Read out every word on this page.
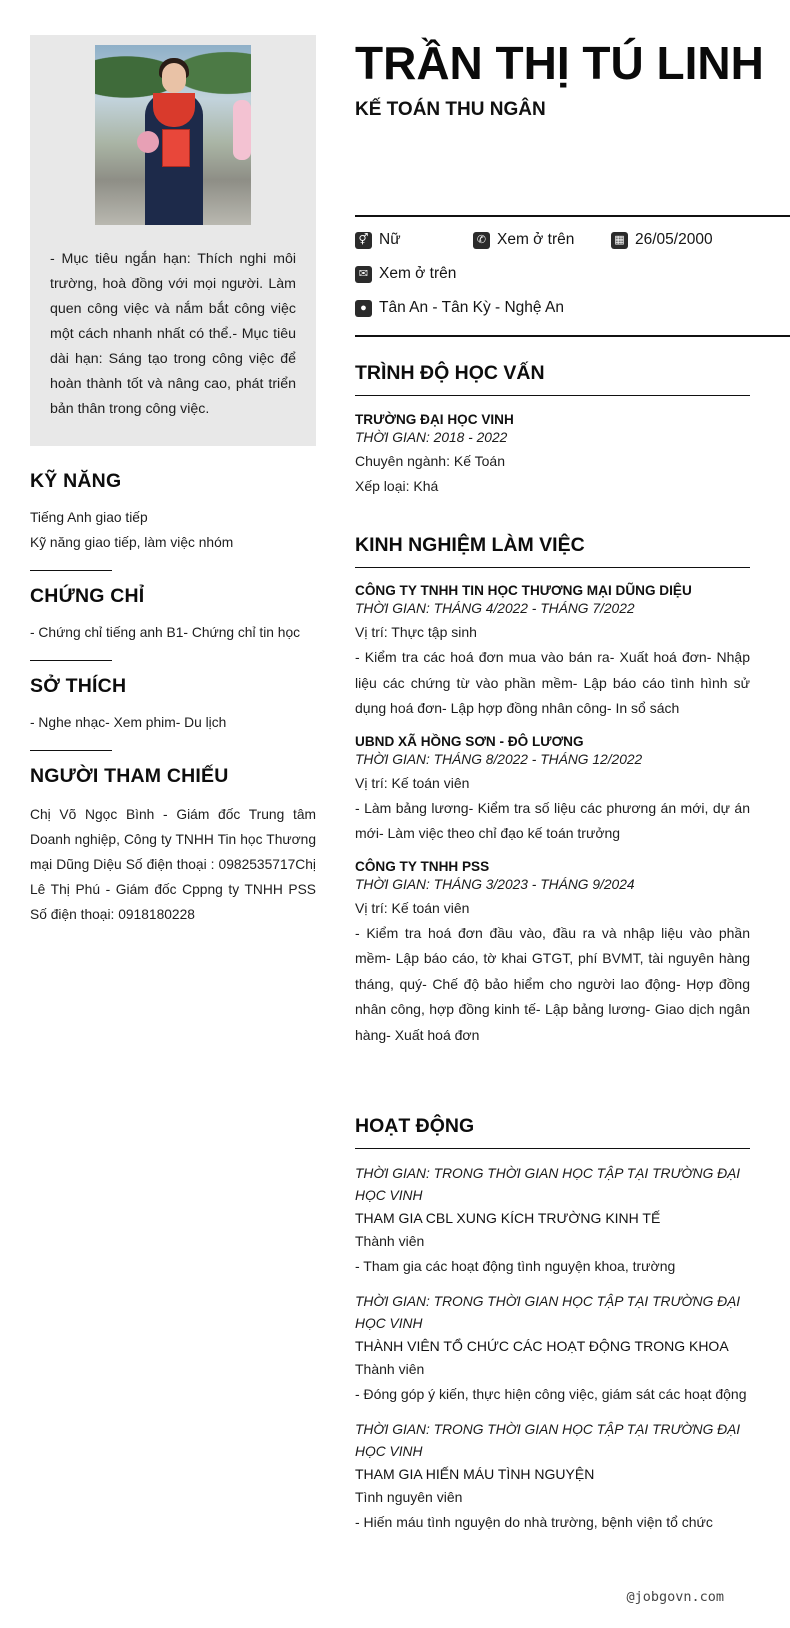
- Mục tiêu ngắn hạn: Thích nghi môi trường, hoà đồng với mọi người. Làm quen công việc và nắm bắt công việc một cách nhanh nhất có thể.- Mục tiêu dài hạn: Sáng tạo trong công việc để hoàn thành tốt và nâng cao, phát triển bản thân trong công việc.
KỸ NĂNG
Tiếng Anh giao tiếp
Kỹ năng giao tiếp, làm việc nhóm
CHỨNG CHỈ
- Chứng chỉ tiếng anh B1- Chứng chỉ tin học
SỞ THÍCH
- Nghe nhạc- Xem phim- Du lịch
NGƯỜI THAM CHIẾU
Chị Võ Ngọc Bình - Giám đốc Trung tâm Doanh nghiệp, Công ty TNHH Tin học Thương mại Dũng Diệu Số điện thoại : 0982535717Chị Lê Thị Phú - Giám đốc Cppng ty TNHH PSS Số điện thoại: 0918180228
TRẦN THỊ TÚ LINH
KẾ TOÁN THU NGÂN
⚥ Nữ	✆ Xem ở trên	▦ 26/05/2000
✉ Xem ở trên
● Tân An - Tân Kỳ - Nghệ An
TRÌNH ĐỘ HỌC VẤN
TRƯỜNG ĐẠI HỌC VINH
THỜI GIAN: 2018 - 2022
Chuyên ngành: Kế Toán
Xếp loại: Khá
KINH NGHIỆM LÀM VIỆC
CÔNG TY TNHH TIN HỌC THƯƠNG MẠI DŨNG DIỆU
THỜI GIAN: THÁNG 4/2022 - THÁNG 7/2022
Vị trí: Thực tập sinh
- Kiểm tra các hoá đơn mua vào bán ra- Xuất hoá đơn- Nhập liệu các chứng từ vào phần mềm- Lập báo cáo tình hình sử dụng hoá đơn- Lập hợp đồng nhân công- In sổ sách
UBND XÃ HỒNG SƠN - ĐÔ LƯƠNG
THỜI GIAN: THÁNG 8/2022 - THÁNG 12/2022
Vị trí: Kế toán viên
- Làm bảng lương- Kiểm tra số liệu các phương án mới, dự án mới- Làm việc theo chỉ đạo kế toán trưởng
CÔNG TY TNHH PSS
THỜI GIAN: THÁNG 3/2023 - THÁNG 9/2024
Vị trí: Kế toán viên
- Kiểm tra hoá đơn đầu vào, đầu ra và nhập liệu vào phần mềm- Lập báo cáo, tờ khai GTGT, phí BVMT, tài nguyên hàng tháng, quý- Chế độ bảo hiểm cho người lao động- Hợp đồng nhân công, hợp đồng kinh tế- Lập bảng lương- Giao dịch ngân hàng- Xuất hoá đơn
HOẠT ĐỘNG
THỜI GIAN: TRONG THỜI GIAN HỌC TẬP TẠI TRƯỜNG ĐẠI HỌC VINH
THAM GIA CBL XUNG KÍCH TRƯỜNG KINH TẾ
Thành viên
- Tham gia các hoạt động tình nguyện khoa, trường
THỜI GIAN: TRONG THỜI GIAN HỌC TẬP TẠI TRƯỜNG ĐẠI HỌC VINH
THÀNH VIÊN TỔ CHỨC CÁC HOẠT ĐỘNG TRONG KHOA
Thành viên
- Đóng góp ý kiến, thực hiện công việc, giám sát các hoạt động
THỜI GIAN: TRONG THỜI GIAN HỌC TẬP TẠI TRƯỜNG ĐẠI HỌC VINH
THAM GIA HIẾN MÁU TÌNH NGUYỆN
Tình nguyên viên
- Hiến máu tình nguyện do nhà trường, bệnh viện tổ chức
@jobgovn.com
